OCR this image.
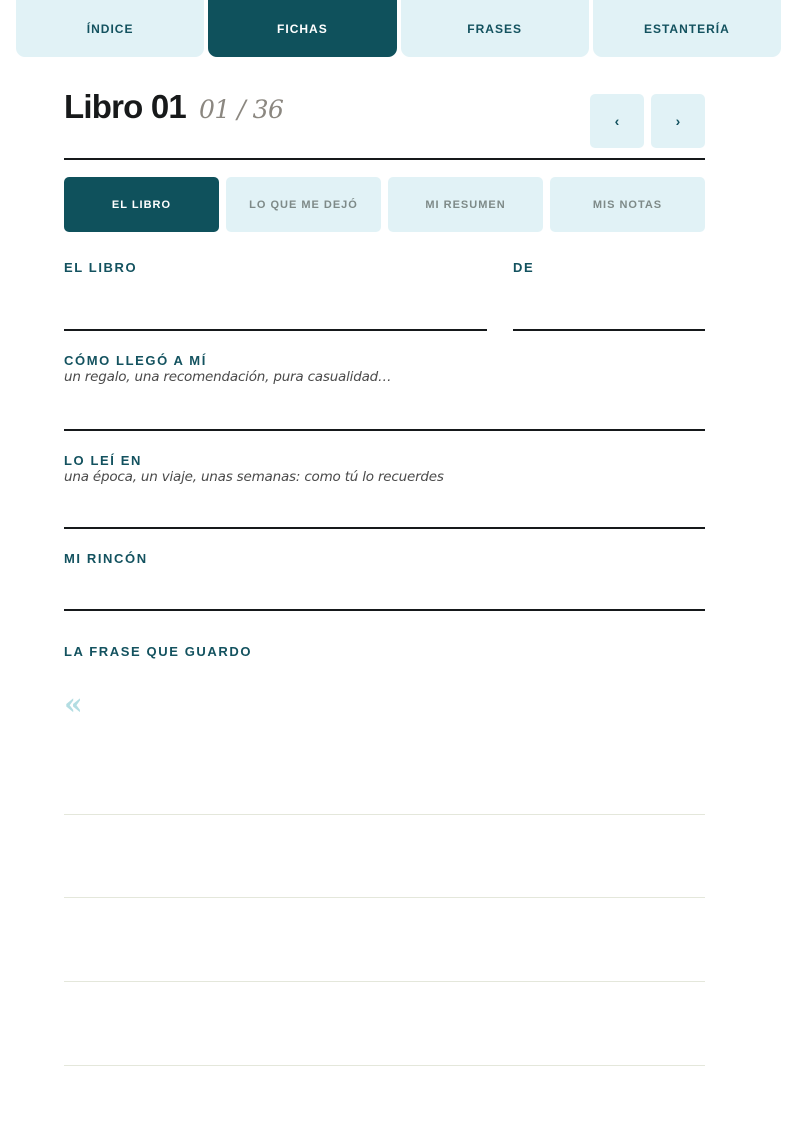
ÍNDICE	FICHAS	FRASES	ESTANTERÍA
Libro 01 01 / 36	‹	›
EL LIBRO	LO QUE ME DEJÓ	MI RESUMEN	MIS NOTAS
EL LIBRO	DE
CÓMO LLEGÓ A MÍ
un regalo, una recomendación, pura casualidad…
LO LEÍ EN
una época, un viaje, unas semanas: como tú lo recuerdes
MI RINCÓN
LA FRASE QUE GUARDO
«
